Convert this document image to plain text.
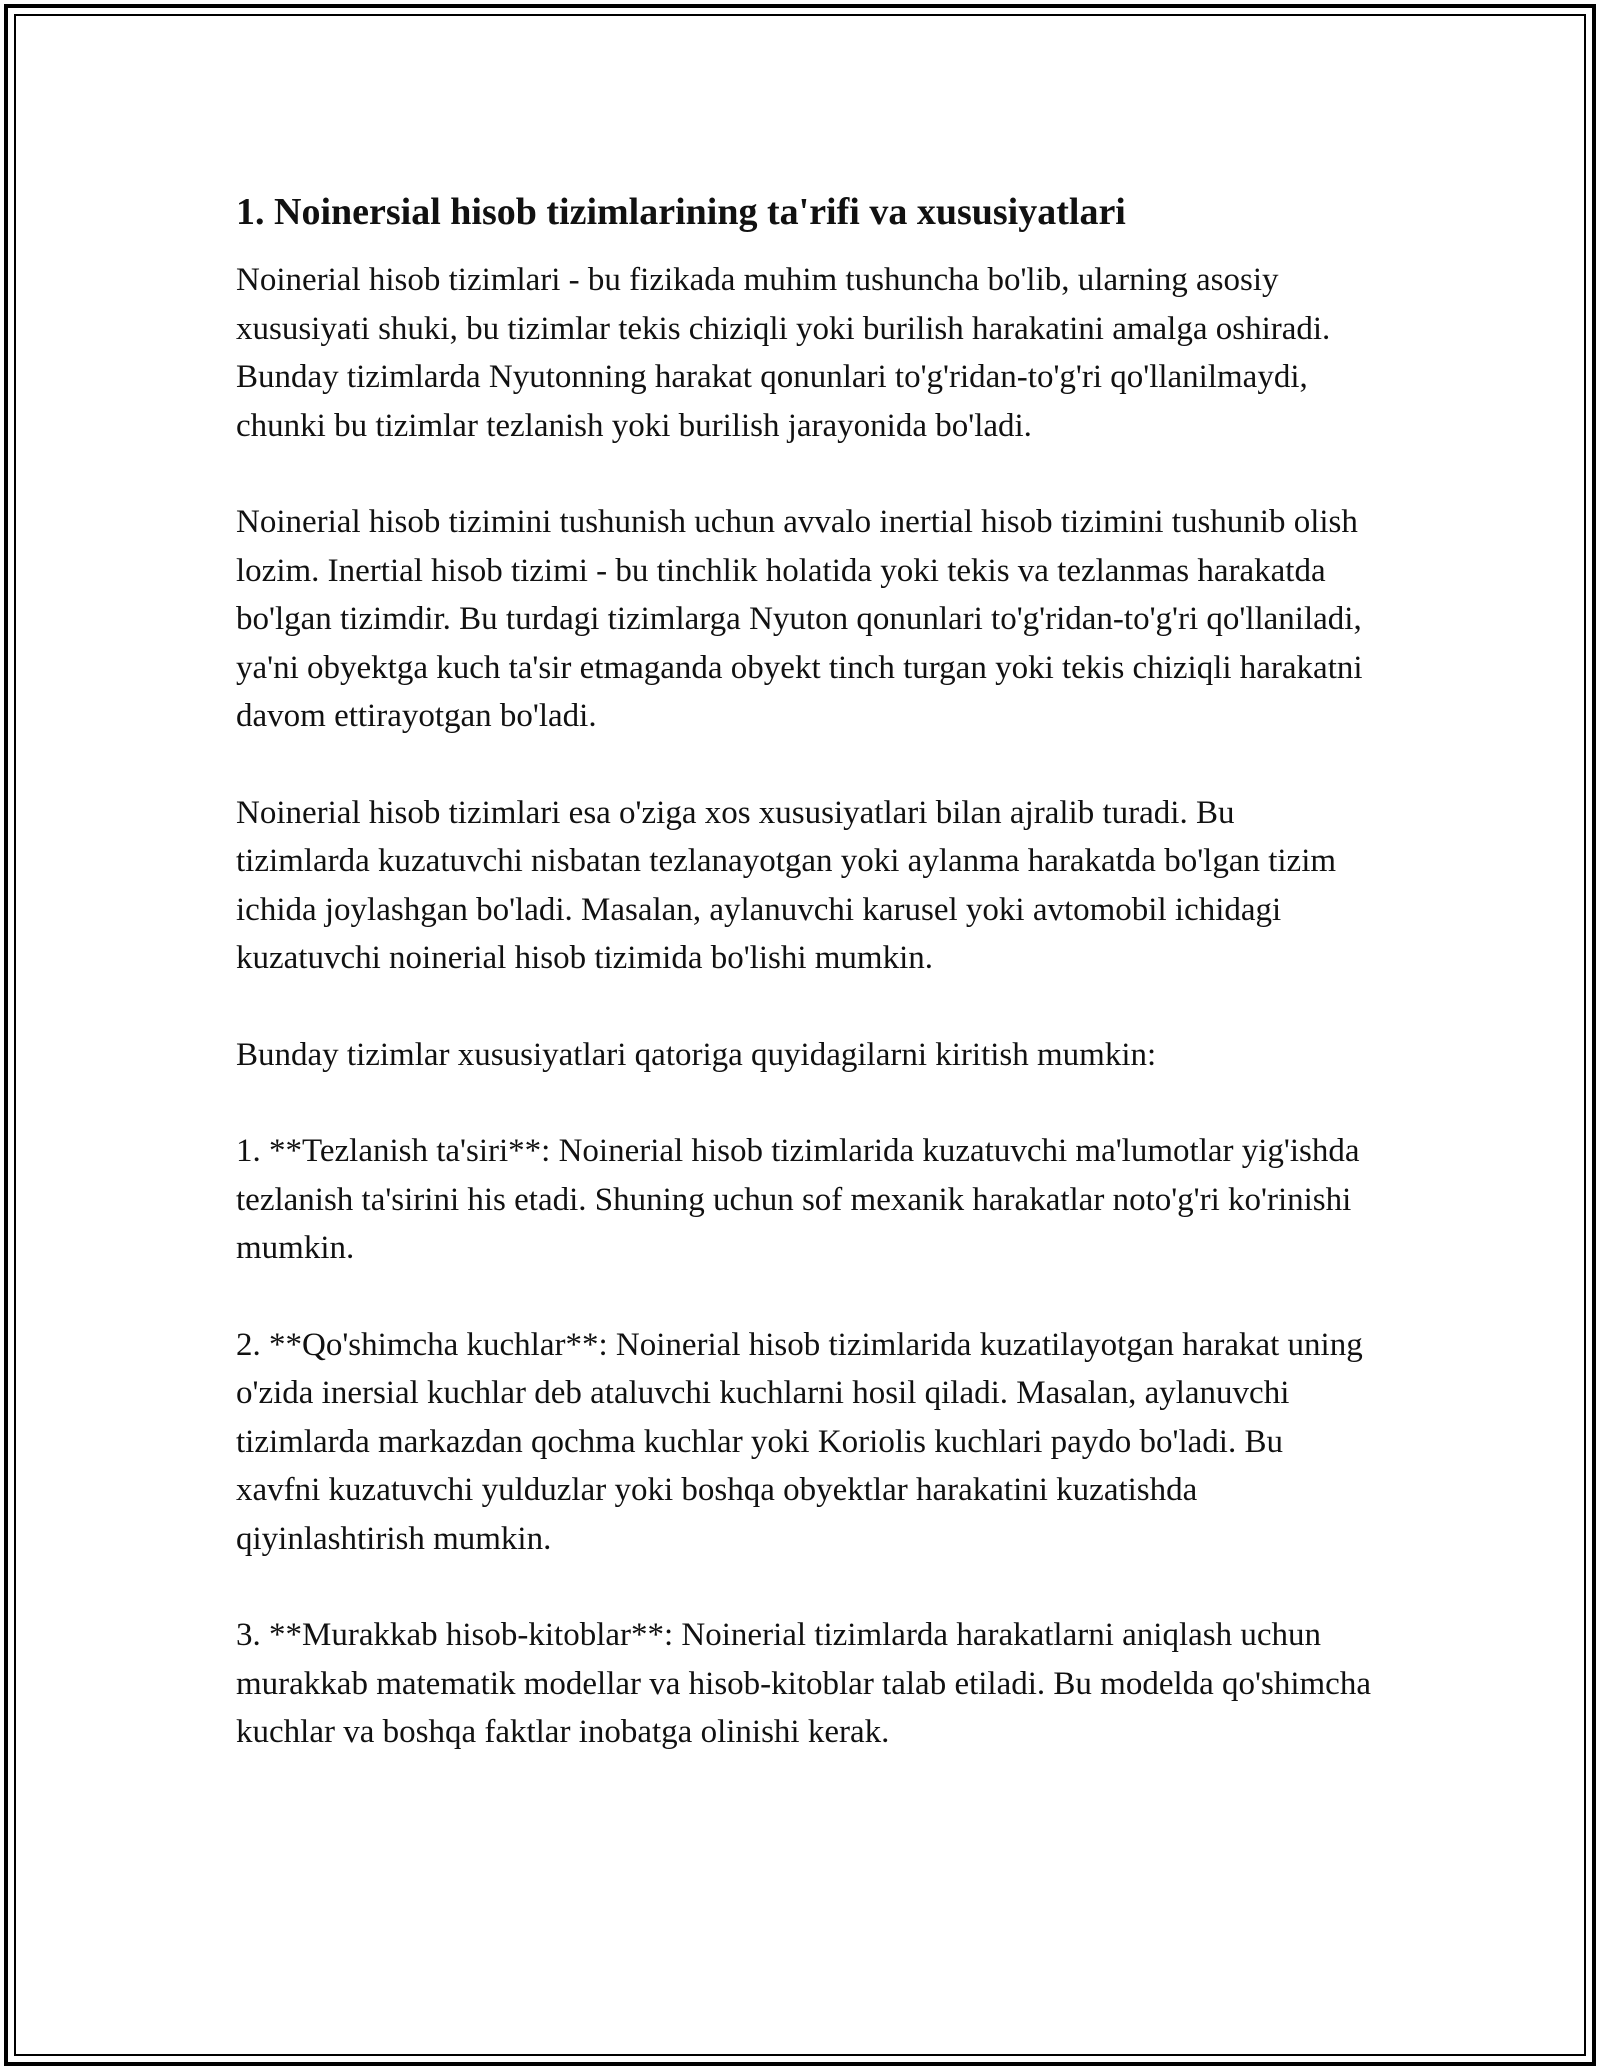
1. Noinersial hisob tizimlarining ta'rifi va xususiyatlari

Noinerial hisob tizimlari - bu fizikada muhim tushuncha bo'lib, ularning asosiy xususiyati shuki, bu tizimlar tekis chiziqli yoki burilish harakatini amalga oshiradi. Bunday tizimlarda Nyutonning harakat qonunlari to'g'ridan-to'g'ri qo'llanilmaydi, chunki bu tizimlar tezlanish yoki burilish jarayonida bo'ladi.

Noinerial hisob tizimini tushunish uchun avvalo inertial hisob tizimini tushunib olish lozim. Inertial hisob tizimi - bu tinchlik holatida yoki tekis va tezlanmas harakatda bo'lgan tizimdir. Bu turdagi tizimlarga Nyuton qonunlari to'g'ridan-to'g'ri qo'llaniladi, ya'ni obyektga kuch ta'sir etmaganda obyekt tinch turgan yoki tekis chiziqli harakatni davom ettirayotgan bo'ladi.

Noinerial hisob tizimlari esa o'ziga xos xususiyatlari bilan ajralib turadi. Bu tizimlarda kuzatuvchi nisbatan tezlanayotgan yoki aylanma harakatda bo'lgan tizim ichida joylashgan bo'ladi. Masalan, aylanuvchi karusel yoki avtomobil ichidagi kuzatuvchi noinerial hisob tizimida bo'lishi mumkin.

Bunday tizimlar xususiyatlari qatoriga quyidagilarni kiritish mumkin:

1. **Tezlanish ta'siri**: Noinerial hisob tizimlarida kuzatuvchi ma'lumotlar yig'ishda tezlanish ta'sirini his etadi. Shuning uchun sof mexanik harakatlar noto'g'ri ko'rinishi mumkin.

2. **Qo'shimcha kuchlar**: Noinerial hisob tizimlarida kuzatilayotgan harakat uning o'zida inersial kuchlar deb ataluvchi kuchlarni hosil qiladi. Masalan, aylanuvchi tizimlarda markazdan qochma kuchlar yoki Koriolis kuchlari paydo bo'ladi. Bu xavfni kuzatuvchi yulduzlar yoki boshqa obyektlar harakatini kuzatishda qiyinlashtirish mumkin.

3. **Murakkab hisob-kitoblar**: Noinerial tizimlarda harakatlarni aniqlash uchun murakkab matematik modellar va hisob-kitoblar talab etiladi. Bu modelda qo'shimcha kuchlar va boshqa faktlar inobatga olinishi kerak.
